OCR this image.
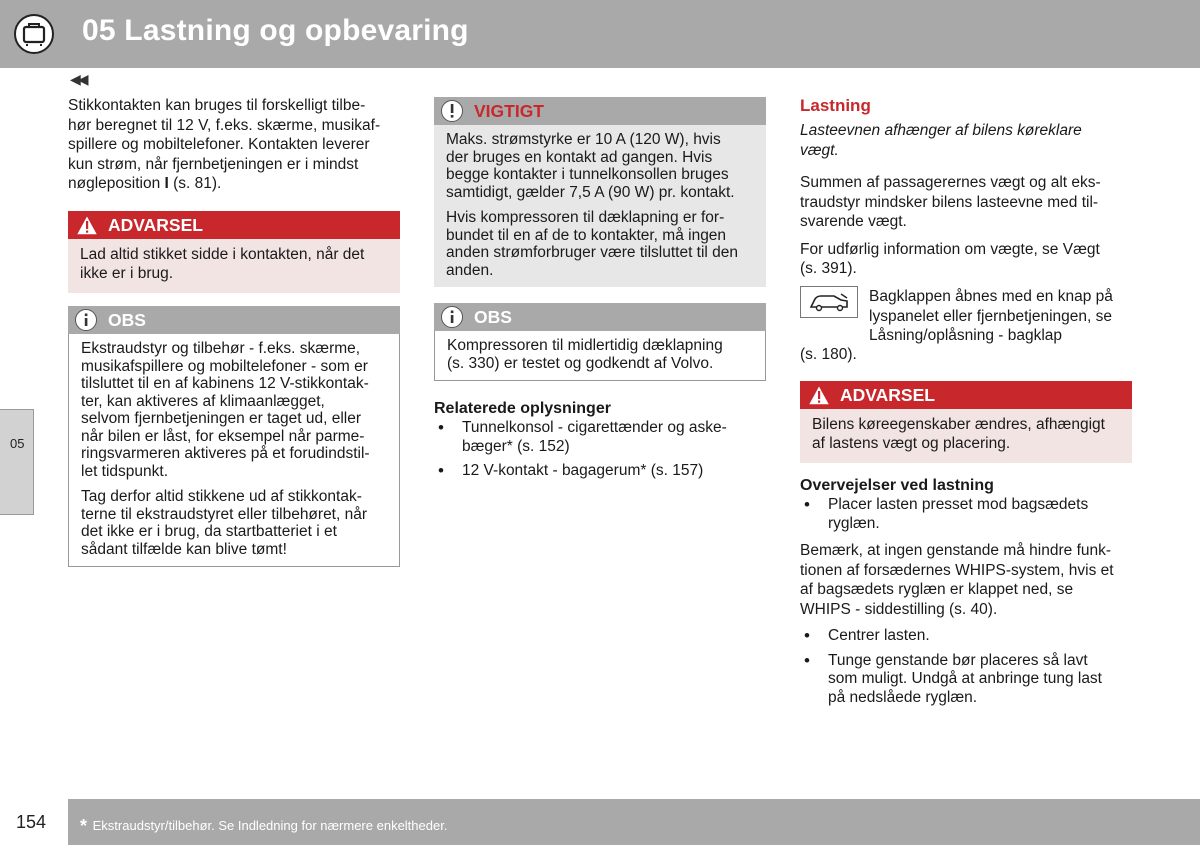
05 Lastning og opbevaring
◀◀
05
Stikkontakten kan bruges til forskelligt tilbe-
hør beregnet til 12 V, f.eks. skærme, musikaf-
spillere og mobiltelefoner. Kontakten leverer
kun strøm, når fjernbetjeningen er i mindst
nøgleposition I (s. 81).
ADVARSEL
Lad altid stikket sidde i kontakten, når det
ikke er i brug.
OBS
Ekstraudstyr og tilbehør - f.eks. skærme,
musikafspillere og mobiltelefoner - som er
tilsluttet til en af kabinens 12 V-stikkontak-
ter, kan aktiveres af klimaanlægget,
selvom fjernbetjeningen er taget ud, eller
når bilen er låst, for eksempel når parme-
ringsvarmeren aktiveres på et forudindstil-
let tidspunkt.
Tag derfor altid stikkene ud af stikkontak-
terne til ekstraudstyret eller tilbehøret, når
det ikke er i brug, da startbatteriet i et
sådant tilfælde kan blive tømt!
VIGTIGT
Maks. strømstyrke er 10 A (120 W), hvis
der bruges en kontakt ad gangen. Hvis
begge kontakter i tunnelkonsollen bruges
samtidigt, gælder 7,5 A (90 W) pr. kontakt.
Hvis kompressoren til dæklapning er for-
bundet til en af de to kontakter, må ingen
anden strømforbruger være tilsluttet til den
anden.
OBS
Kompressoren til midlertidig dæklapning
(s. 330) er testet og godkendt af Volvo.
Relaterede oplysninger
• Tunnelkonsol - cigarettænder og aske-
bæger* (s. 152)
• 12 V-kontakt - bagagerum* (s. 157)
Lastning
Lasteevnen afhænger af bilens køreklare
vægt.
Summen af passagerernes vægt og alt eks-
traudstyr mindsker bilens lasteevne med til-
svarende vægt.
For udførlig information om vægte, se Vægt
(s. 391).
Bagklappen åbnes med en knap på
lyspanelet eller fjernbetjeningen, se
Låsning/oplåsning - bagklap
(s. 180).
ADVARSEL
Bilens køreegenskaber ændres, afhængigt
af lastens vægt og placering.
Overvejelser ved lastning
• Placer lasten presset mod bagsædets
ryglæn.
Bemærk, at ingen genstande må hindre funk-
tionen af forsædernes WHIPS-system, hvis et
af bagsædets ryglæn er klappet ned, se
WHIPS - siddestilling (s. 40).
• Centrer lasten.
• Tunge genstande bør placeres så lavt
som muligt. Undgå at anbringe tung last
på nedslåede ryglæn.
154 * Ekstraudstyr/tilbehør. Se Indledning for nærmere enkeltheder.
